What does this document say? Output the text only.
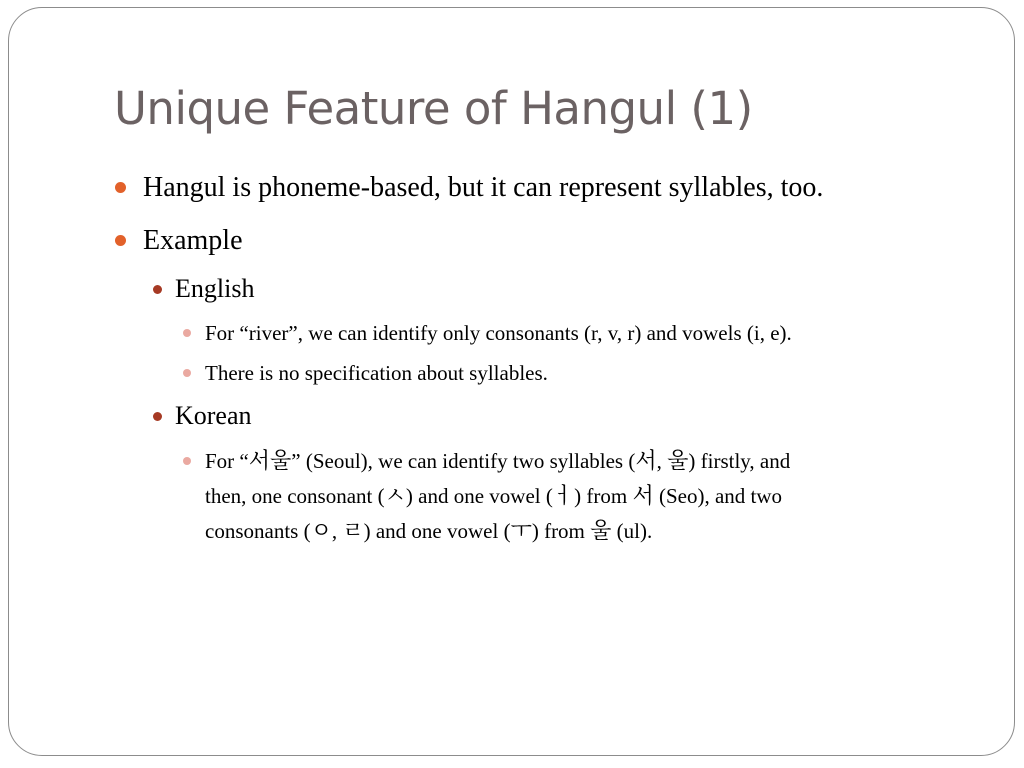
Unique Feature of Hangul (1)
Hangul is phoneme-based, but it can represent syllables, too.
Example
English
For “river”, we can identify only consonants (r, v, r) and vowels (i, e).
There is no specification about syllables.
Korean
For “서울” (Seoul), we can identify two syllables (서, 울) firstly, and
then, one consonant (ㅅ) and one vowel (ㅓ) from 서 (Seo), and two
consonants (ㅇ, ㄹ) and one vowel (ㅜ) from 울 (ul).
